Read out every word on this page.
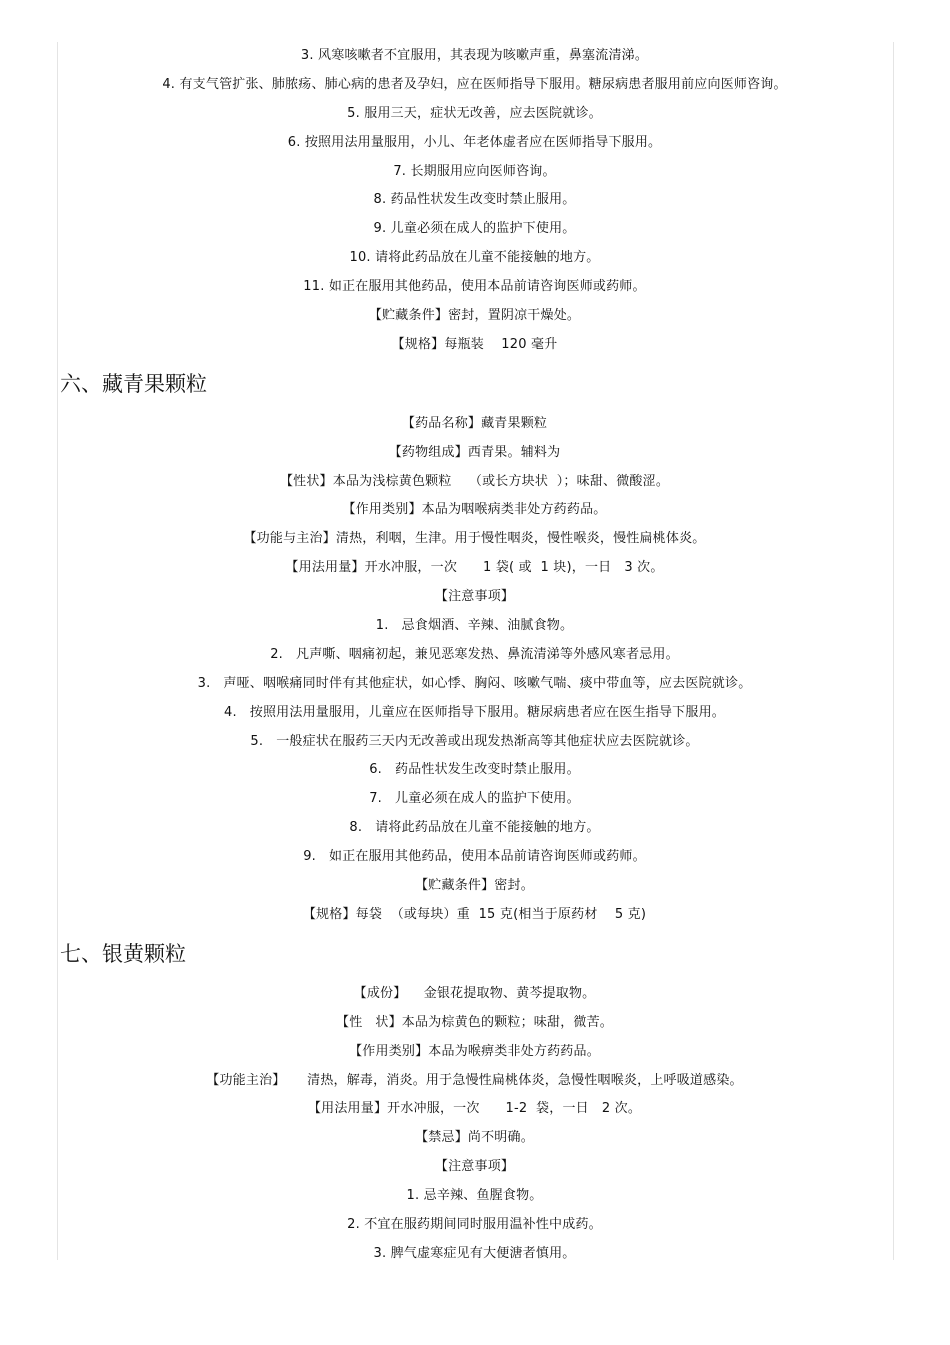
3. 风寒咳嗽者不宜服用，其表现为咳嗽声重，鼻塞流清涕。
4. 有支气管扩张、肺脓疡、肺心病的患者及孕妇，应在医师指导下服用。糖尿病患者服用前应向医师咨询。
5. 服用三天，症状无改善，应去医院就诊。
6. 按照用法用量服用，小儿、年老体虚者应在医师指导下服用。
7. 长期服用应向医师咨询。
8. 药品性状发生改变时禁止服用。
9. 儿童必须在成人的监护下使用。
10. 请将此药品放在儿童不能接触的地方。
11. 如正在服用其他药品，使用本品前请咨询医师或药师。
【贮藏条件】密封，置阴凉干燥处。
【规格】每瓶装    120 毫升
六、藏青果颗粒
【药品名称】藏青果颗粒
【药物组成】西青果。辅料为
【性状】本品为浅棕黄色颗粒    （或长方块状  ）；味甜、微酸涩。
【作用类别】本品为咽喉病类非处方药药品。
【功能与主治】清热，利咽，生津。用于慢性咽炎，慢性喉炎，慢性扁桃体炎。
【用法用量】开水冲服，一次      1 袋( 或  1 块)，一日   3 次。
【注意事项】
1.   忌食烟酒、辛辣、油腻食物。
2.   凡声嘶、咽痛初起，兼见恶寒发热、鼻流清涕等外感风寒者忌用。
3.   声哑、咽喉痛同时伴有其他症状，如心悸、胸闷、咳嗽气喘、痰中带血等，应去医院就诊。
4.   按照用法用量服用，儿童应在医师指导下服用。糖尿病患者应在医生指导下服用。
5.   一般症状在服药三天内无改善或出现发热渐高等其他症状应去医院就诊。
6.   药品性状发生改变时禁止服用。
7.   儿童必须在成人的监护下使用。
8.   请将此药品放在儿童不能接触的地方。
9.   如正在服用其他药品，使用本品前请咨询医师或药师。
【贮藏条件】密封。
【规格】每袋  （或每块）重  15 克(相当于原药材    5 克)
七、银黄颗粒
【成份】    金银花提取物、黄芩提取物。
【性   状】本品为棕黄色的颗粒；味甜，微苦。
【作用类别】本品为喉痹类非处方药药品。
【功能主治】     清热，解毒，消炎。用于急慢性扁桃体炎，急慢性咽喉炎，上呼吸道感染。
【用法用量】开水冲服，一次      1-2  袋，一日   2 次。
【禁忌】尚不明确。
【注意事项】
1. 忌辛辣、鱼腥食物。
2. 不宜在服药期间同时服用温补性中成药。
3. 脾气虚寒症见有大便溏者慎用。
